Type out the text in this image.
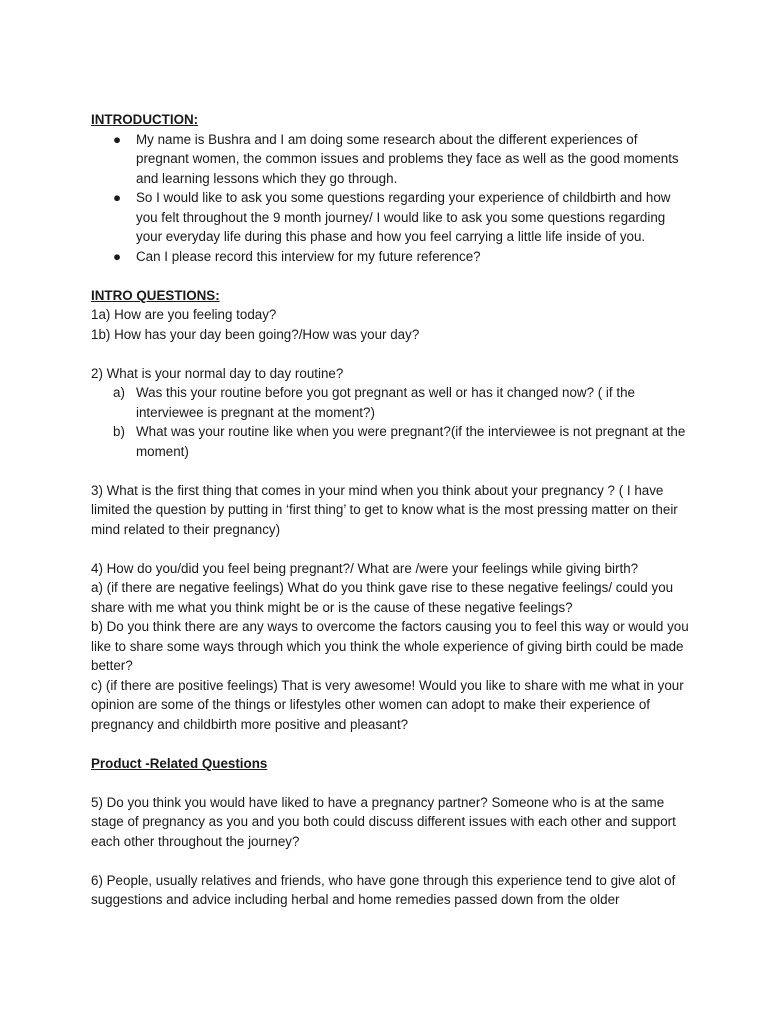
INTRODUCTION:

● My name is Bushra and I am doing some research about the different experiences of pregnant women, the common issues and problems they face as well as the good moments and learning lessons which they go through.
● So I would like to ask you some questions regarding your experience of childbirth and how you felt throughout the 9 month journey/ I would like to ask you some questions regarding your everyday life during this phase and how you feel carrying a little life inside of you.
● Can I please record this interview for my future reference?

INTRO QUESTIONS:

1a) How are you feeling today?

1b) How has your day been going?/How was your day?

2) What is your normal day to day routine?

a) Was this your routine before you got pregnant as well or has it changed now? ( if the interviewee is pregnant at the moment?)
b) What was your routine like when you were pregnant?(if the interviewee is not pregnant at the moment)

3) What is the first thing that comes in your mind when you think about your pregnancy ? ( I have limited the question by putting in ‘first thing’ to get to know what is the most pressing matter on their mind related to their pregnancy)

4) How do you/did you feel being pregnant?/ What are /were your feelings while giving birth?

a) (if there are negative feelings) What do you think gave rise to these negative feelings/ could you share with me what you think might be or is the cause of these negative feelings?

b) Do you think there are any ways to overcome the factors causing you to feel this way or would you like to share some ways through which you think the whole experience of giving birth could be made better?

c) (if there are positive feelings) That is very awesome! Would you like to share with me what in your opinion are some of the things or lifestyles other women can adopt to make their experience of pregnancy and childbirth more positive and pleasant?

Product -Related Questions

5) Do you think you would have liked to have a pregnancy partner? Someone who is at the same stage of pregnancy as you and you both could discuss different issues with each other and support each other throughout the journey?

6) People, usually relatives and friends, who have gone through this experience tend to give alot of suggestions and advice including herbal and home remedies passed down from the older
